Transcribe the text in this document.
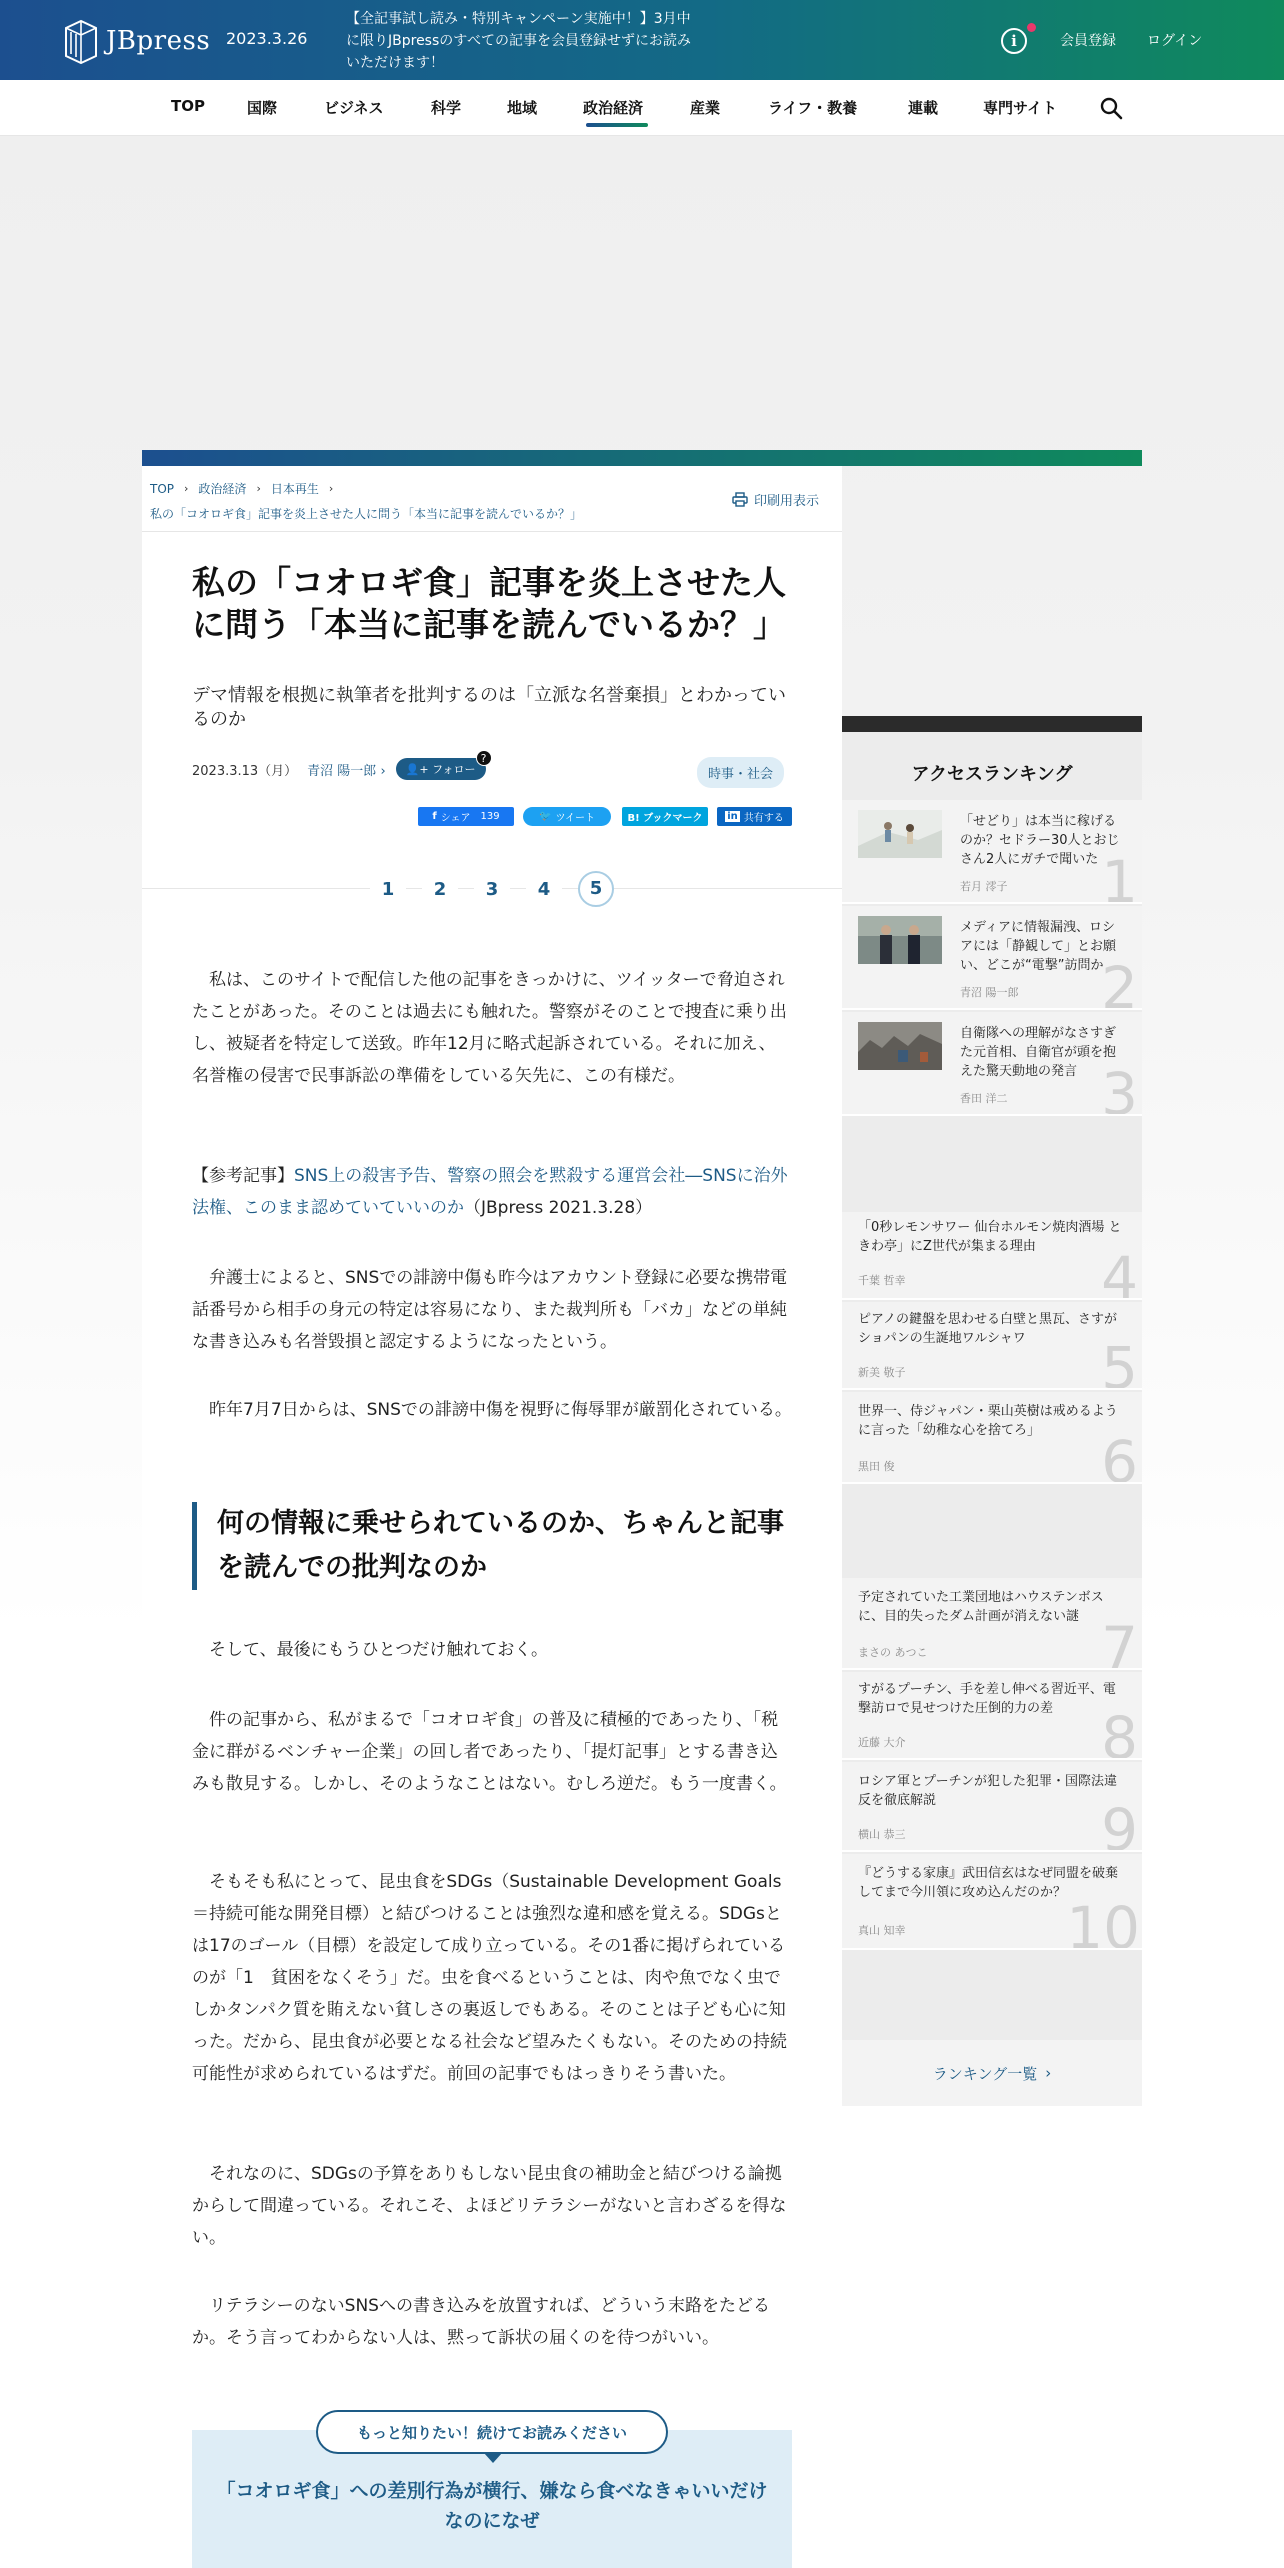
JBpress 2023.3.26
【全記事試し読み・特別キャンペーン実施中！】3月中に限りJBpressのすべての記事を会員登録せずにお読みいただけます！
i	会員登録 ログイン
TOP	国際	ビジネス	科学	地域	政治経済	産業	ライフ・教養	連載	専門サイト
TOP › 政治経済 › 日本再生 ›
私の「コオロギ食」記事を炎上させた人に問う「本当に記事を読んでいるか？」
印刷用表示
私の「コオロギ食」記事を炎上させた人に問う「本当に記事を読んでいるか？」
デマ情報を根拠に執筆者を批判するのは「立派な名誉棄損」とわかっているのか
2023.3.13（月） 青沼 陽一郎 ›	👤+ フォロー
?
時事・社会
f シェア 139	🐦 ツイート	B! ブックマーク	in 共有する
1	2	3	4	5

私は、このサイトで配信した他の記事をきっかけに、ツイッターで脅迫されたことがあった。そのことは過去にも触れた。警察がそのことで捜査に乗り出し、被疑者を特定して送致。昨年12月に略式起訴されている。それに加え、名誉権の侵害で民事訴訟の準備をしている矢先に、この有様だ。

【参考記事】SNS上の殺害予告、警察の照会を黙殺する運営会社―SNSに治外法権、このまま認めていていいのか（JBpress 2021.3.28）

弁護士によると、SNSでの誹謗中傷も昨今はアカウント登録に必要な携帯電話番号から相手の身元の特定は容易になり、また裁判所も「バカ」などの単純な書き込みも名誉毀損と認定するようになったという。

昨年7月7日からは、SNSでの誹謗中傷を視野に侮辱罪が厳罰化されている。

何の情報に乗せられているのか、ちゃんと記事を読んでの批判なのか

そして、最後にもうひとつだけ触れておく。

件の記事から、私がまるで「コオロギ食」の普及に積極的であったり、「税金に群がるベンチャー企業」の回し者であったり、「提灯記事」とする書き込みも散見する。しかし、そのようなことはない。むしろ逆だ。もう一度書く。

そもそも私にとって、昆虫食をSDGs（Sustainable Development Goals＝持続可能な開発目標）と結びつけることは強烈な違和感を覚える。SDGsとは17のゴール（目標）を設定して成り立っている。その1番に掲げられているのが「1　貧困をなくそう」だ。虫を食べるということは、肉や魚でなく虫でしかタンパク質を賄えない貧しさの裏返しでもある。そのことは子ども心に知った。だから、昆虫食が必要となる社会など望みたくもない。そのための持続可能性が求められているはずだ。前回の記事でもはっきりそう書いた。

それなのに、SDGsの予算をありもしない昆虫食の補助金と結びつける論拠からして間違っている。それこそ、よほどリテラシーがないと言わざるを得ない。

リテラシーのないSNSへの書き込みを放置すれば、どういう末路をたどるか。そう言ってわからない人は、黙って訴状の届くのを待つがいい。

もっと知りたい！続けてお読みください
「コオロギ食」への差別行為が横行、嫌なら食べなきゃいいだけなのになぜ
アクセスランキング
「せどり」は本当に稼げるのか？セドラー30人とおじさん2人にガチで聞いた
若月 澪子 1
メディアに情報漏洩、ロシアには「静観して」とお願い、どこが“電撃”訪問か
青沼 陽一郎 2
自衛隊への理解がなさすぎた元首相、自衛官が頭を抱えた驚天動地の発言
香田 洋二 3
「0秒レモンサワー 仙台ホルモン焼肉酒場 ときわ亭」にZ世代が集まる理由
千葉 哲幸	4
ピアノの鍵盤を思わせる白壁と黒瓦、さすがショパンの生誕地ワルシャワ
新美 敬子	5
世界一、侍ジャパン・栗山英樹は戒めるように言った「幼稚な心を捨てろ」
黒田 俊	6
予定されていた工業団地はハウステンボスに、目的失ったダム計画が消えない謎
まさの あつこ	7
すがるプーチン、手を差し伸べる習近平、電撃訪ロで見せつけた圧倒的力の差
近藤 大介	8
ロシア軍とプーチンが犯した犯罪・国際法違反を徹底解説
横山 恭三	9
『どうする家康』武田信玄はなぜ同盟を破棄してまで今川領に攻め込んだのか？
真山 知幸	10
ランキング一覧 ›
